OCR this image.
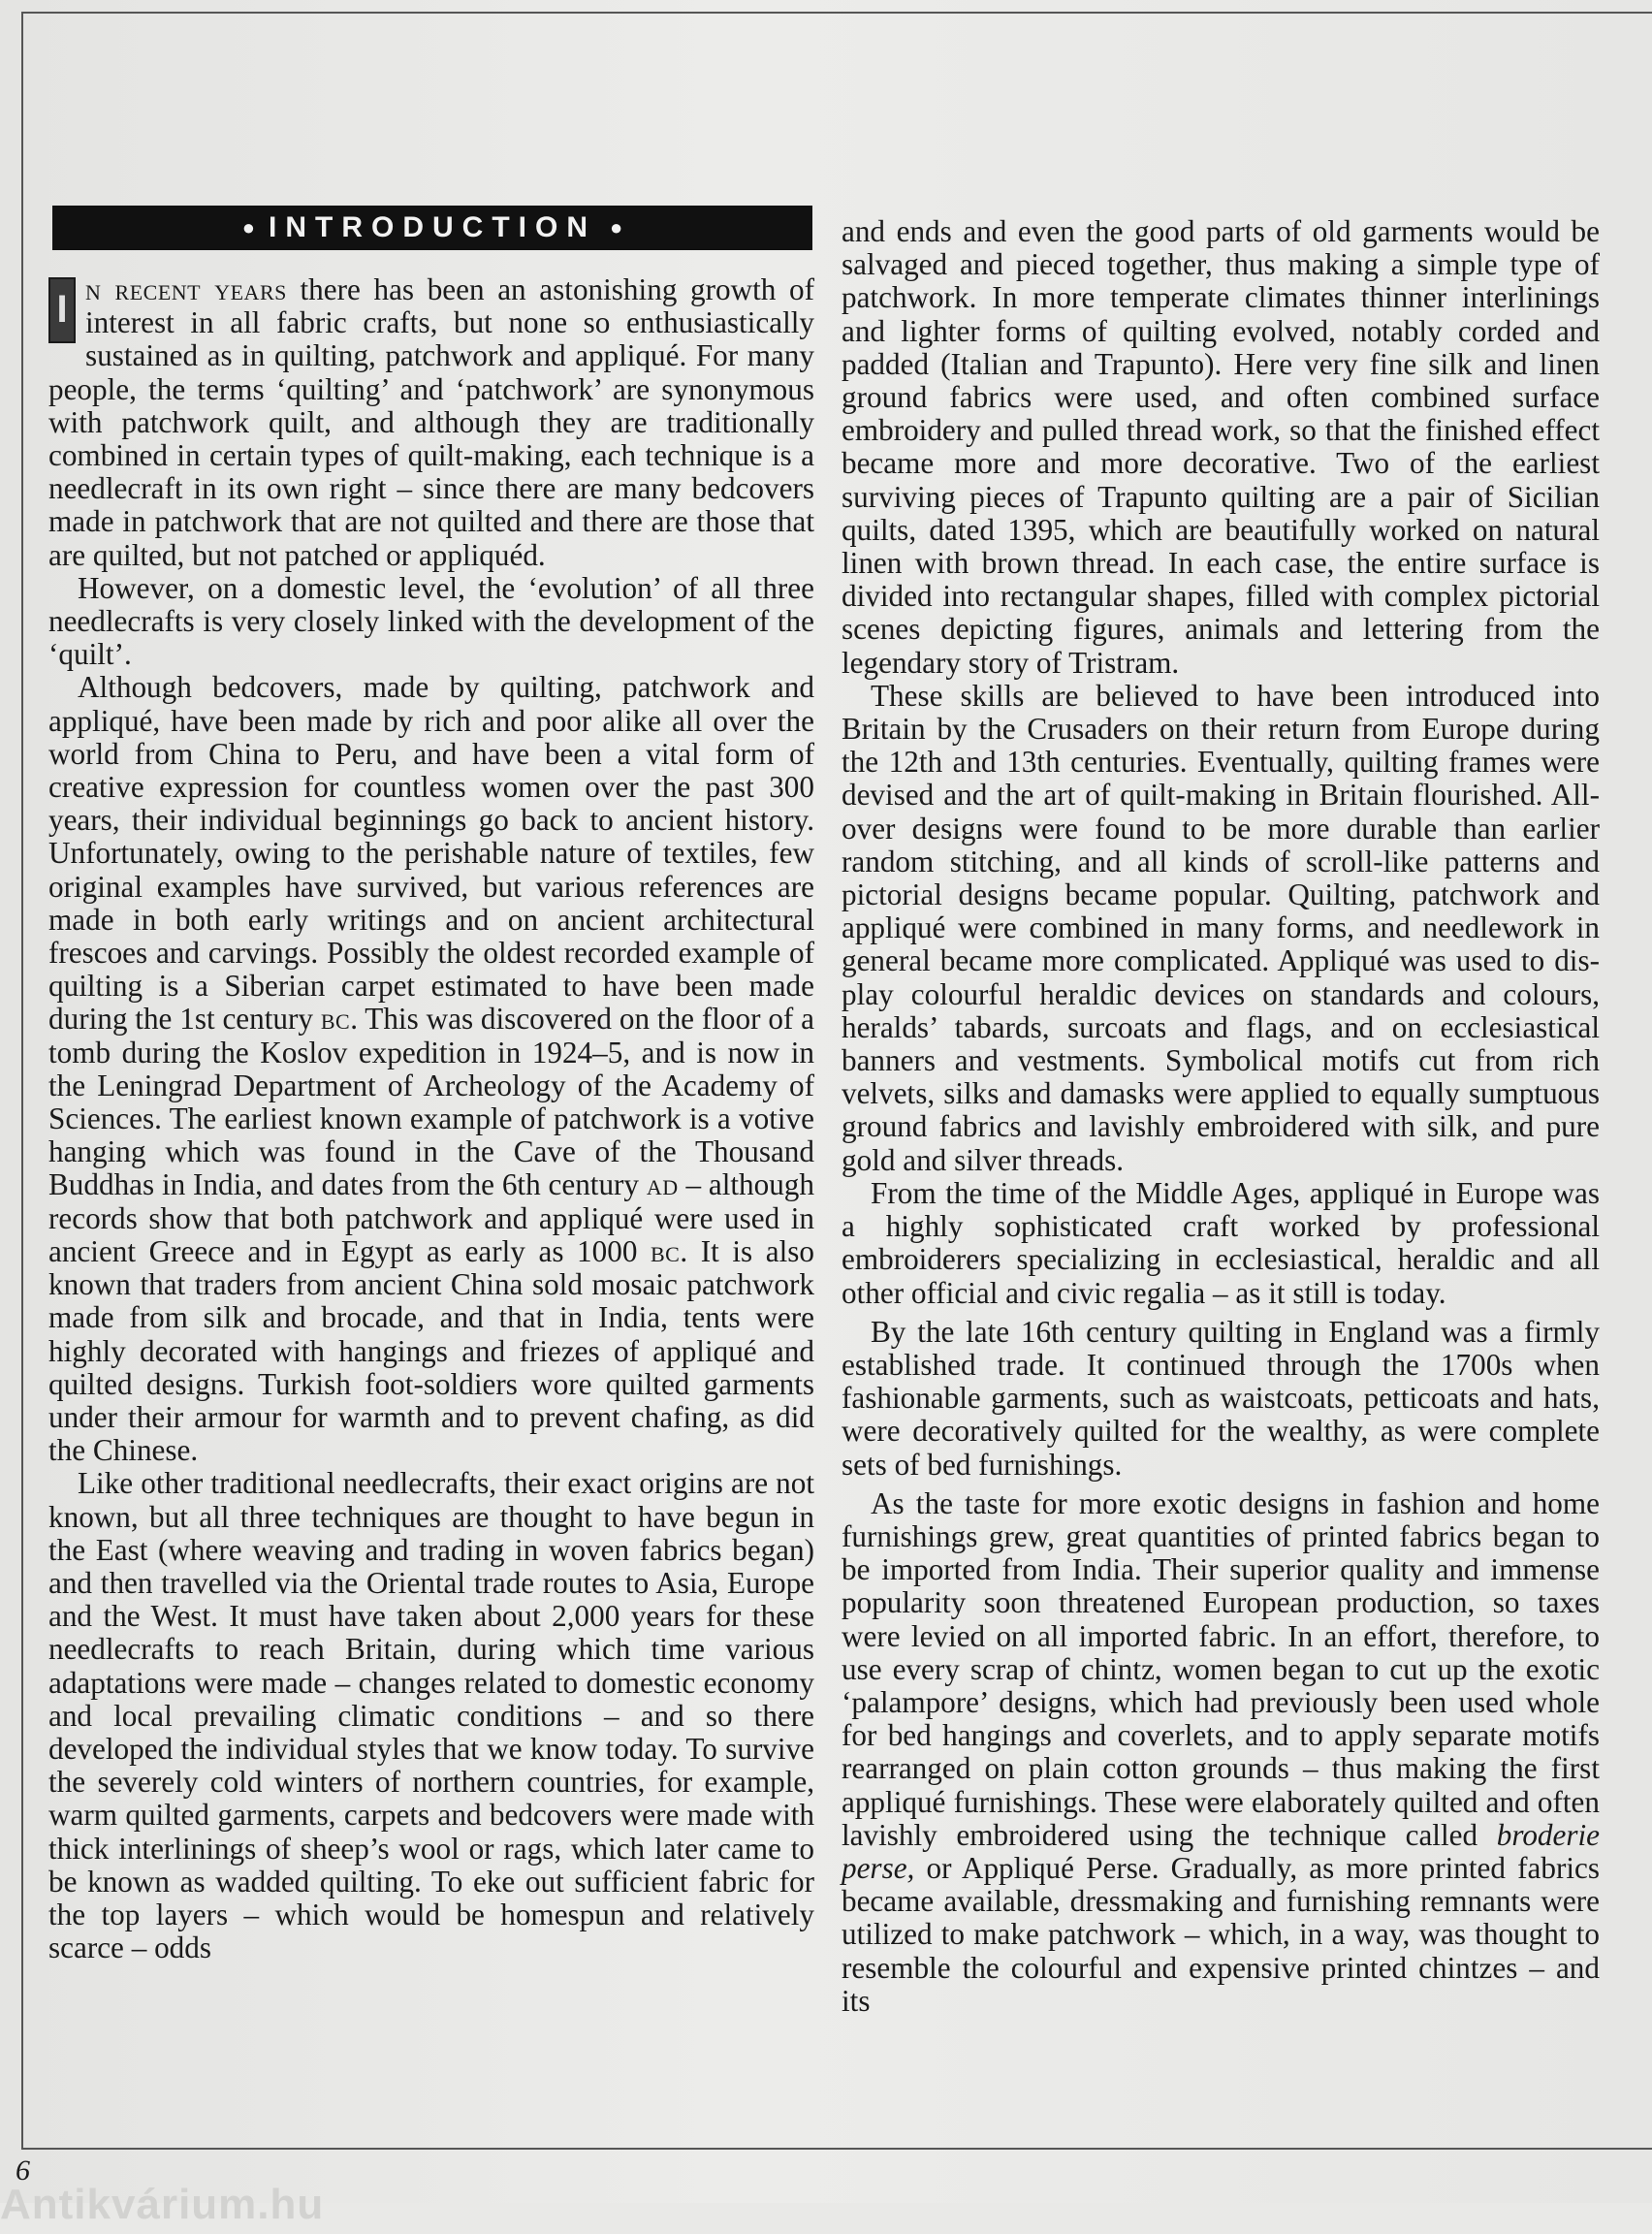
● INTRODUCTION ●

I n recent years there has been an astonishing growth of interest in all fabric crafts, but none so enthusiastically sustained as in quilting, patchwork and appliqué. For many people, the terms ‘quilting’ and ‘patchwork’ are synonymous with patchwork quilt, and although they are traditionally combined in certain types of quilt-making, each technique is a needlecraft in its own right – since there are many bedcovers made in patchwork that are not quilted and there are those that are quilted, but not patched or appliquéd.

However, on a domestic level, the ‘evolution’ of all three needlecrafts is very closely linked with the development of the ‘quilt’.

Although bedcovers, made by quilting, patchwork and appliqué, have been made by rich and poor alike all over the world from China to Peru, and have been a vital form of creative expression for countless women over the past 300 years, their individual beginnings go back to ancient history. Unfortunately, owing to the perishable nature of textiles, few original examples have survived, but various references are made in both early writings and on ancient architectural frescoes and carvings. Possibly the oldest recorded example of quilting is a Siberian carpet estimated to have been made during the 1st century bc. This was discovered on the floor of a tomb during the Koslov expedition in 1924–5, and is now in the Leningrad Department of Archeology of the Academy of Sciences. The earliest known example of patchwork is a votive hanging which was found in the Cave of the Thousand Buddhas in India, and dates from the 6th century ad – although records show that both patchwork and appliqué were used in ancient Greece and in Egypt as early as 1000 bc. It is also known that traders from ancient China sold mosaic patchwork made from silk and brocade, and that in India, tents were highly decorated with hangings and friezes of appliqué and quilted designs. Turkish foot-soldiers wore quilted garments under their armour for warmth and to prevent chafing, as did the Chinese.

Like other traditional needlecrafts, their exact origins are not known, but all three techniques are thought to have begun in the East (where weaving and trading in woven fabrics began) and then travelled via the Oriental trade routes to Asia, Europe and the West. It must have taken about 2,000 years for these needlecrafts to reach Britain, during which time various adaptations were made – changes related to domestic economy and local prevailing climatic conditions – and so there developed the individual styles that we know today. To survive the severely cold winters of northern countries, for example, warm quilted garments, carpets and bedcovers were made with thick interlinings of sheep’s wool or rags, which later came to be known as wadded quilting. To eke out sufficient fabric for the top layers – which would be homespun and relatively scarce – odds

and ends and even the good parts of old garments would be salvaged and pieced together, thus making a simple type of patchwork. In more temperate climates thinner interlinings and lighter forms of quilting evolved, notably corded and padded (Italian and Trapunto). Here very fine silk and linen ground fabrics were used, and often combined surface embroidery and pulled thread work, so that the finished effect became more and more decorative. Two of the earliest surviving pieces of Trapunto quilting are a pair of Sicilian quilts, dated 1395, which are beautifully worked on natural linen with brown thread. In each case, the entire surface is divided into rectangular shapes, filled with complex pictorial scenes depicting figures, animals and lettering from the legendary story of Tristram.

These skills are believed to have been introduced into Britain by the Crusaders on their return from Europe during the 12th and 13th centuries. Eventually, quilting frames were devised and the art of quilt-making in Britain flourished. All-over designs were found to be more durable than earlier random stitching, and all kinds of scroll-like patterns and pictorial designs became popular. Quilting, patchwork and appliqué were combined in many forms, and needlework in general became more complicated. Appliqué was used to display colourful heraldic devices on standards and colours, heralds’ tabards, surcoats and flags, and on ecclesiastical banners and vestments. Symbolical motifs cut from rich velvets, silks and damasks were applied to equally sumptuous ground fabrics and lavishly embroidered with silk, and pure gold and silver threads.

From the time of the Middle Ages, appliqué in Europe was a highly sophisticated craft worked by professional embroiderers specializing in ecclesiastical, heraldic and all other official and civic regalia – as it still is today.

By the late 16th century quilting in England was a firmly established trade. It continued through the 1700s when fashionable garments, such as waistcoats, petticoats and hats, were decoratively quilted for the wealthy, as were complete sets of bed furnishings.

As the taste for more exotic designs in fashion and home furnishings grew, great quantities of printed fabrics began to be imported from India. Their superior quality and immense popularity soon threatened European production, so taxes were levied on all imported fabric. In an effort, therefore, to use every scrap of chintz, women began to cut up the exotic ‘palampore’ designs, which had previously been used whole for bed hangings and coverlets, and to apply separate motifs rearranged on plain cotton grounds – thus making the first appliqué furnishings. These were elaborately quilted and often lavishly embroidered using the technique called broderie perse, or Appliqué Perse. Gradually, as more printed fabrics became available, dressmaking and furnishing remnants were utilized to make patchwork – which, in a way, was thought to resemble the colourful and expensive printed chintzes – and its

6
Antikvárium.hu
